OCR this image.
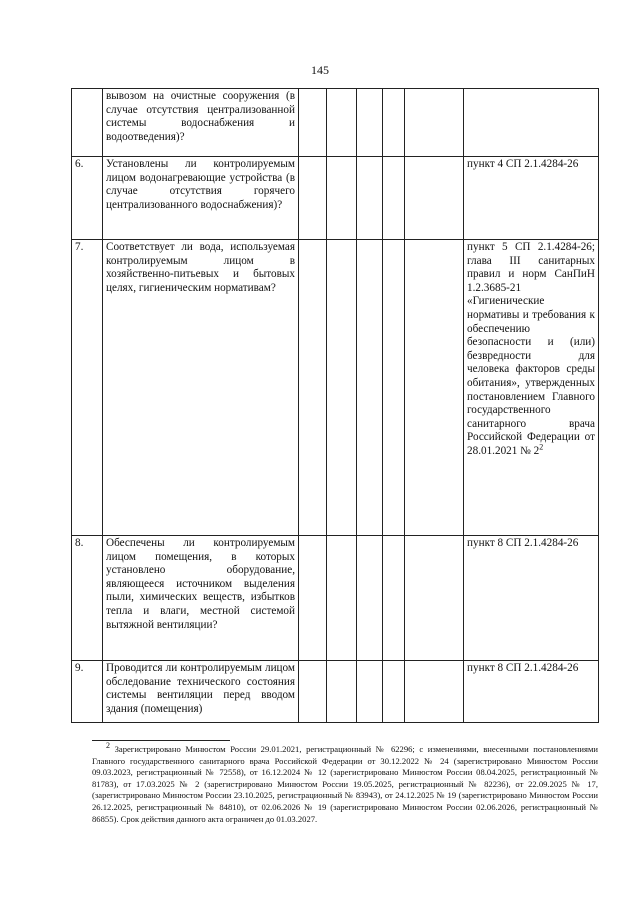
145
	вывозом на очистные сооружения (в случае отсутствия централизованной системы водоснабжения и водоотведения)?						
6.	Установлены ли контролируемым лицом водонагревающие устройства (в случае отсутствия горячего централизованного водоснабжения)?						пункт 4 СП 2.1.4284-26
7.	Соответствует ли вода, используемая контролируемым лицом в хозяйственно-питьевых и бытовых целях, гигиеническим нормативам?						пункт 5 СП 2.1.4284-26; глава III санитарных правил и норм СанПиН 1.2.3685-21 «Гигиенические нормативы и требования к обеспечению безопасности и (или) безвредности для человека факторов среды обитания», утвержденных постановлением Главного государственного санитарного врача Российской Федерации от 28.01.2021 № $2^2$
8.	Обеспечены ли контролируемым лицом помещения, в которых установлено оборудование, являющееся источником выделения пыли, химических веществ, избытков тепла и влаги, местной системой вытяжной вентиляции?						пункт 8 СП 2.1.4284-26
9.	Проводится ли контролируемым лицом обследование технического состояния системы вентиляции перед вводом здания (помещения)						пункт 8 СП 2.1.4284-26
$^2$ Зарегистрировано Минюстом России 29.01.2021, регистрационный № 62296; с изменениями, внесенными постановлениями Главного государственного санитарного врача Российской Федерации от 30.12.2022 № 24 (зарегистрировано Минюстом России 09.03.2023, регистрационный № 72558), от 16.12.2024 № 12 (зарегистрировано Минюстом России 08.04.2025, регистрационный № 81783), от 17.03.2025 № 2 (зарегистрировано Минюстом России 19.05.2025, регистрационный № 82236), от 22.09.2025 № 17, (зарегистрировано Минюстом России 23.10.2025, регистрационный № 83943), от 24.12.2025 № 19 (зарегистрировано Минюстом России 26.12.2025, регистрационный № 84810), от 02.06.2026 № 19 (зарегистрировано Минюстом России 02.06.2026, регистрационный № 86855). Срок действия данного акта ограничен до 01.03.2027.
